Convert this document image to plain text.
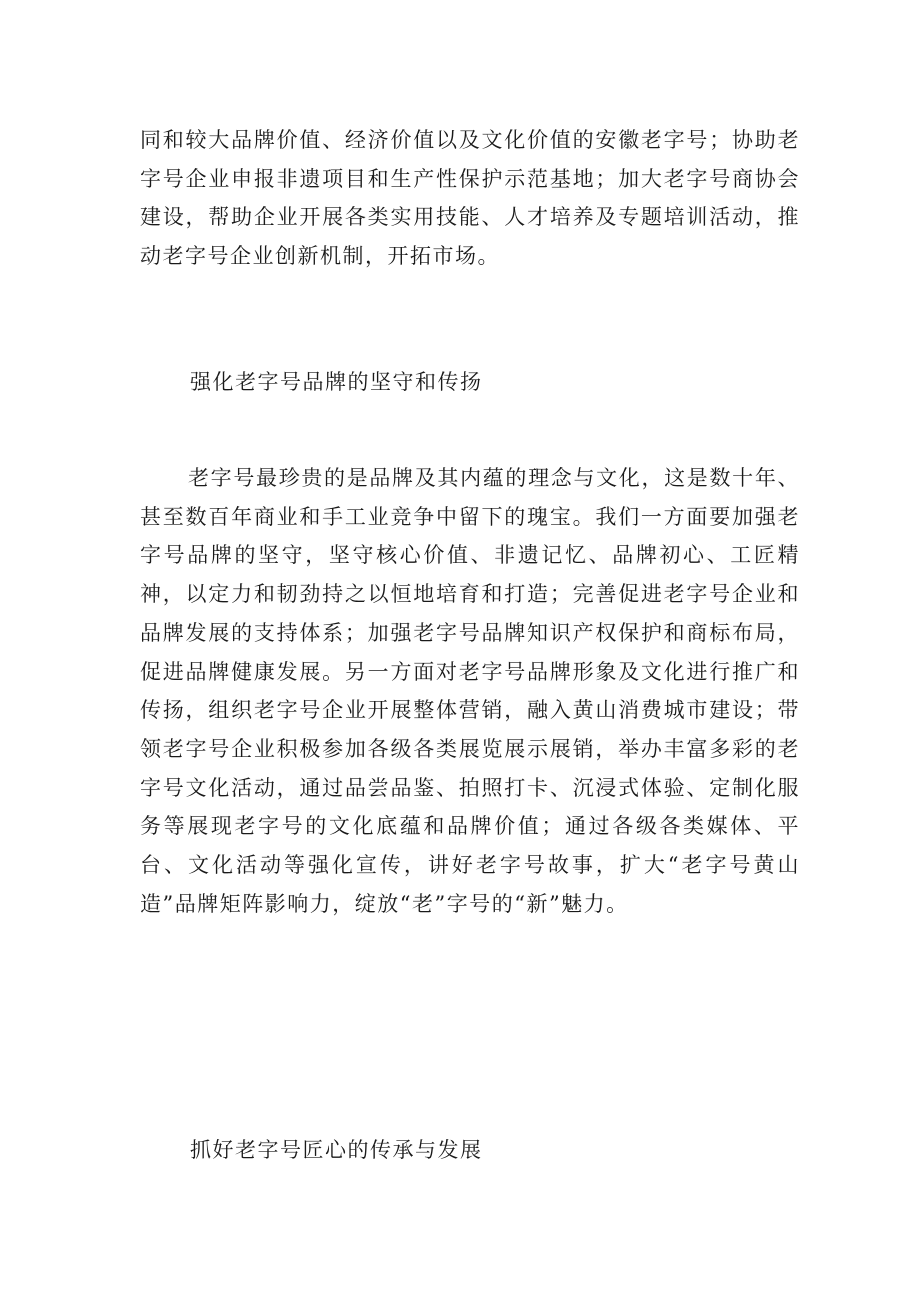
同和较大品牌价值、经济价值以及文化价值的安徽老字号；协助老字号企业申报非遗项目和生产性保护示范基地；加大老字号商协会建设，帮助企业开展各类实用技能、人才培养及专题培训活动，推动老字号企业创新机制，开拓市场。

强化老字号品牌的坚守和传扬

老字号最珍贵的是品牌及其内蕴的理念与文化，这是数十年、甚至数百年商业和手工业竞争中留下的瑰宝。我们一方面要加强老字号品牌的坚守，坚守核心价值、非遗记忆、品牌初心、工匠精神，以定力和韧劲持之以恒地培育和打造；完善促进老字号企业和品牌发展的支持体系；加强老字号品牌知识产权保护和商标布局，促进品牌健康发展。另一方面对老字号品牌形象及文化进行推广和传扬，组织老字号企业开展整体营销，融入黄山消费城市建设；带领老字号企业积极参加各级各类展览展示展销，举办丰富多彩的老字号文化活动，通过品尝品鉴、拍照打卡、沉浸式体验、定制化服务等展现老字号的文化底蕴和品牌价值；通过各级各类媒体、平台、文化活动等强化宣传，讲好老字号故事，扩大“老字号黄山造”品牌矩阵影响力，绽放“老”字号的“新”魅力。

抓好老字号匠心的传承与发展
